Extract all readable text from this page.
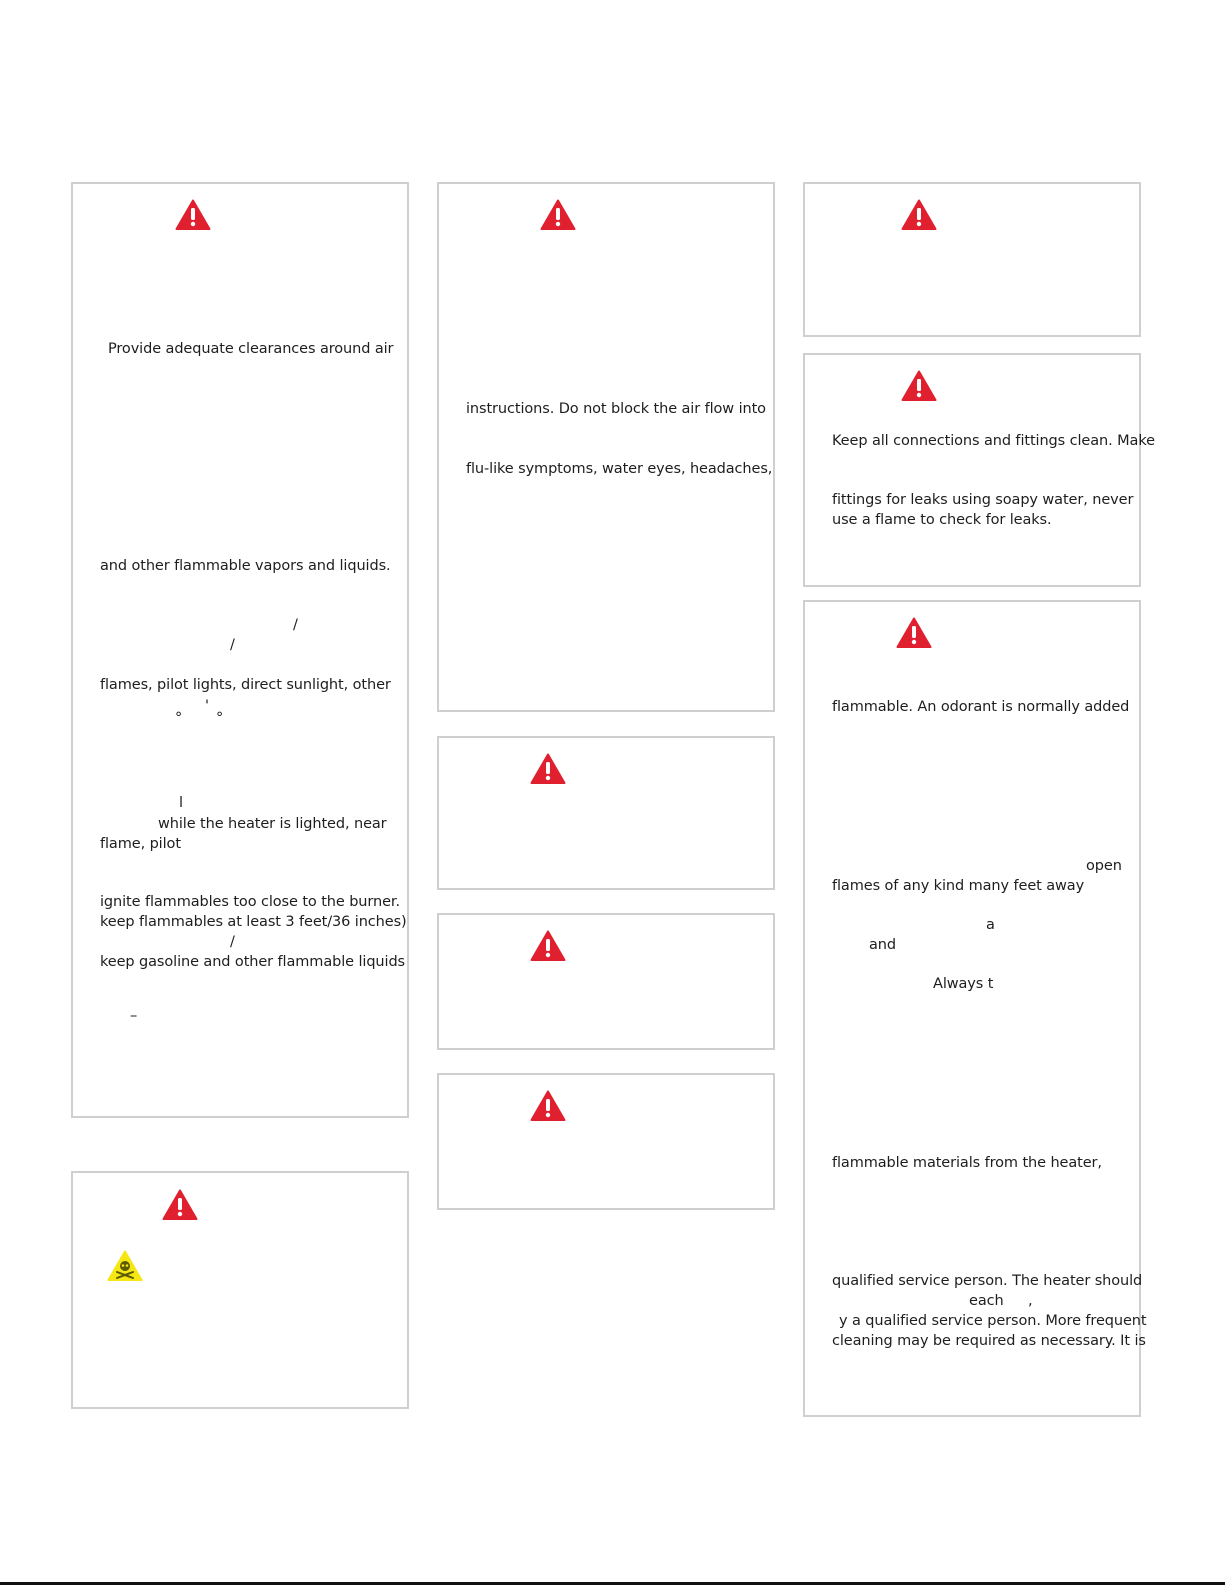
Provide adequate clearances around air
and other flammable vapors and liquids.
/
/
flames, pilot lights, direct sunlight, other
'
° °
l
while the heater is lighted, near
flame, pilot
ignite flammables too close to the burner.
keep flammables at least 3 feet/36 inches)
/
keep gasoline and other flammable liquids
–
instructions. Do not block the air flow into
flu-like symptoms, water eyes, headaches,
Keep all connections and fittings clean. Make
fittings for leaks using soapy water, never
use a flame to check for leaks.
flammable. An odorant is normally added
open
flames of any kind many feet away
a
and
Always t
flammable materials from the heater,
qualified service person. The heater should
each ,
y a qualified service person. More frequent
cleaning may be required as necessary. It is
